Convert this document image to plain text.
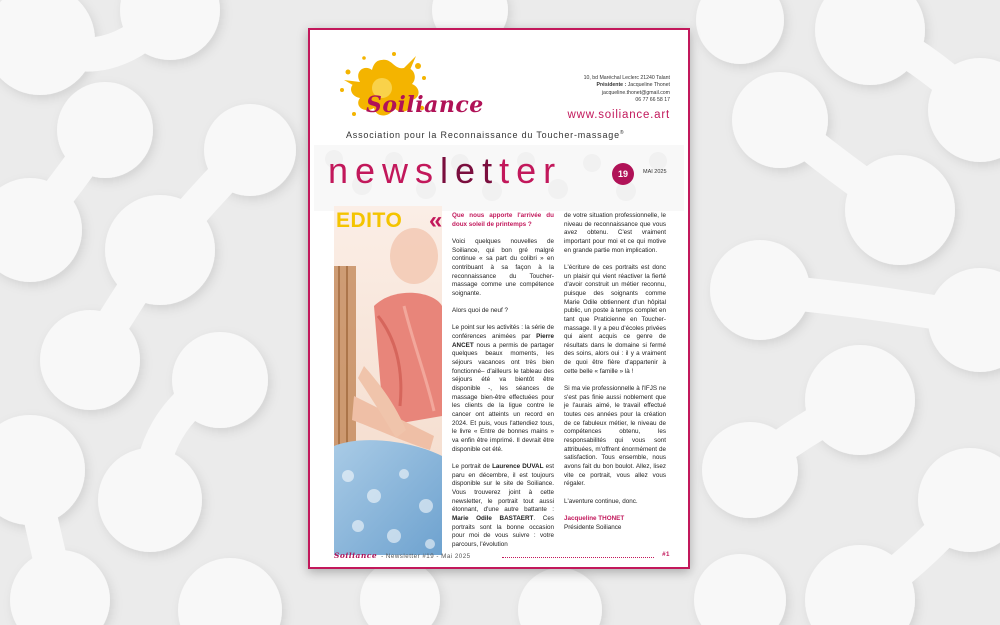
Soiliance
10, bd Maréchal Leclerc 21240 Talant
Présidente : Jacqueline Thonet
jacqueline.thonet@gmail.com
06 77 66 58 17
www.soiliance.art
Association pour la Reconnaissance du Toucher-massage®
newsletter	19	MAI 2025
EDITO « Que nous apporte l'arrivée du doux soleil de printemps ?

Voici quelques nouvelles de Soiliance, qui bon gré malgré continue « sa part du colibri » en contribuant à sa façon à la reconnaissance du Toucher-massage comme une compétence soignante.

Alors quoi de neuf ?

Le point sur les activités : la série de conférences animées par Pierre ANCET nous a permis de partager quelques beaux moments, les séjours vacances ont très bien fonctionné– d'ailleurs le tableau des séjours été va bientôt être disponible -, les séances de massage bien-être effectuées pour les clients de la ligue contre le cancer ont atteints un record en 2024. Et puis, vous l'attendiez tous, le livre « Entre de bonnes mains » va enfin être imprimé. Il devrait être disponible cet été.

Le portrait de Laurence DUVAL est paru en décembre, il est toujours disponible sur le site de Soiliance. Vous trouverez joint à cette newsletter, le portrait tout aussi étonnant, d'une autre battante : Marie Odile BASTAERT. Ces portraits sont la bonne occasion pour moi de vous suivre : votre parcours, l'évolution

de votre situation professionnelle, le niveau de reconnaissance que vous avez obtenu. C'est vraiment important pour moi et ce qui motive en grande partie mon implication.

L'écriture de ces portraits est donc un plaisir qui vient réactiver la fierté d'avoir construit un métier reconnu, puisque des soignants comme Marie Odile obtiennent d'un hôpital public, un poste à temps complet en tant que Praticienne en Toucher-massage. Il y a peu d'écoles privées qui aient acquis ce genre de résultats dans le domaine si fermé des soins, alors oui : il y a vraiment de quoi être fière d'appartenir à cette belle « famille » là !

Si ma vie professionnelle à l'IFJS ne s'est pas finie aussi noblement que je l'aurais aimé, le travail effectué toutes ces années pour la création de ce fabuleux métier, le niveau de compétences obtenu, les responsabilités qui vous sont attribuées, m'offrent énormément de satisfaction. Tous ensemble, nous avons fait du bon boulot. Allez, lisez vite ce portrait, vous allez vous régaler.

L'aventure continue, donc.

Jacqueline THONET
Présidente Soiliance
Soiliance - Newsletter #19 - Mai 2025	#1
